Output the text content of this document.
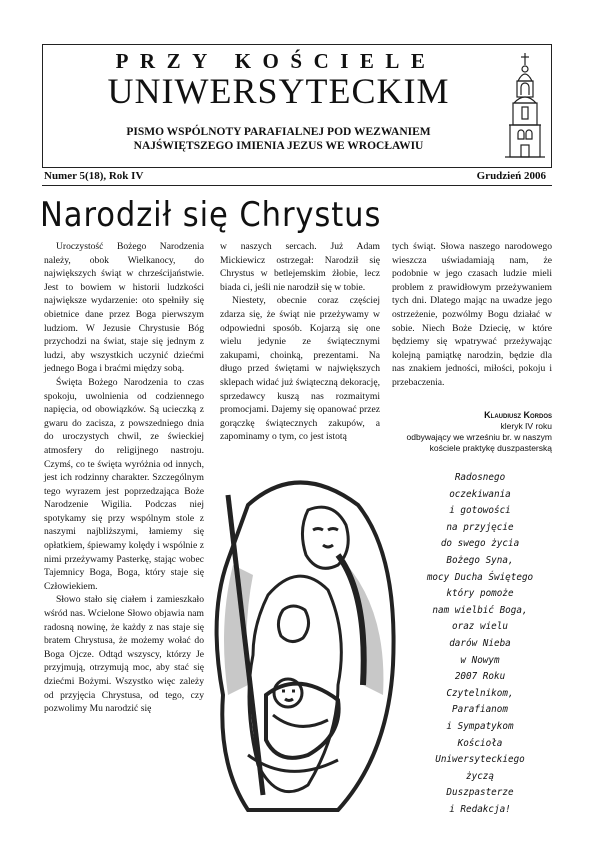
PRZY KOŚCIELE
UNIWERSYTECKIM
PISMO WSPÓLNOTY PARAFIALNEJ POD WEZWANIEM
NAJŚWIĘTSZEGO IMIENIA JEZUS WE WROCŁAWIU
Numer 5(18), Rok IV	Grudzień 2006
Narodził się Chrystus

Uroczystość Bożego Narodzenia należy, obok Wielkanocy, do największych świąt w chrześcijaństwie. Jest to bowiem w historii ludzkości największe wydarzenie: oto spełniły się obietnice dane przez Boga pierwszym ludziom. W Jezusie Chrystusie Bóg przychodzi na świat, staje się jednym z ludzi, aby wszystkich uczynić dziećmi jednego Boga i braćmi między sobą.

Święta Bożego Narodzenia to czas spokoju, uwolnienia od codziennego napięcia, od obowiązków. Są ucieczką z gwaru do zacisza, z powszedniego dnia do uroczystych chwil, ze świeckiej atmosfery do religijnego nastroju. Czymś, co te święta wyróżnia od innych, jest ich rodzinny charakter. Szczególnym tego wyrazem jest poprzedzająca Boże Narodzenie Wigilia. Podczas niej spotykamy się przy wspólnym stole z naszymi najbliższymi, łamiemy się opłatkiem, śpiewamy kolędy i wspólnie z nimi przeżywamy Pasterkę, stając wobec Tajemnicy Boga, Boga, który staje się Człowiekiem.

Słowo stało się ciałem i zamieszkało wśród nas. Wcielone Słowo objawia nam radosną nowinę, że każdy z nas staje się bratem Chrystusa, że możemy wołać do Boga Ojcze. Odtąd wszyscy, którzy Je przyjmują, otrzymują moc, aby stać się dziećmi Bożymi. Wszystko więc zależy od przyjęcia Chrystusa, od tego, czy pozwolimy Mu narodzić się

w naszych sercach. Już Adam Mickiewicz ostrzegał: Narodził się Chrystus w betlejemskim żłobie, lecz biada ci, jeśli nie narodził się w tobie.

Niestety, obecnie coraz częściej zdarza się, że świąt nie przeżywamy w odpowiedni sposób. Kojarzą się one wielu jedynie ze świątecznymi zakupami, choinką, prezentami. Na długo przed świętami w największych sklepach widać już świąteczną dekorację, sprzedawcy kuszą nas rozmaitymi promocjami. Dajemy się opanować przez gorączkę świątecznych zakupów, a zapominamy o tym, co jest istotą

tych świąt. Słowa naszego narodowego wieszcza uświadamiają nam, że podobnie w jego czasach ludzie mieli problem z prawidłowym przeżywaniem tych dni. Dlatego mając na uwadze jego ostrzeżenie, pozwólmy Bogu działać w sobie. Niech Boże Dziecię, w które będziemy się wpatrywać przeżywając kolejną pamiątkę narodzin, będzie dla nas znakiem jedności, miłości, pokoju i przebaczenia.

Klaudiusz Kordos
kleryk IV roku
odbywający we wrześniu br. w naszym
kościele praktykę duszpasterską
Radosnego
oczekiwania
i gotowości
na przyjęcie
do swego życia
Bożego Syna,
mocy Ducha Świętego
który pomoże
nam wielbić Boga,
oraz wielu
darów Nieba
w Nowym
2007 Roku
Czytelnikom,
Parafianom
i Sympatykom
Kościoła
Uniwersyteckiego
życzą
Duszpasterze
i Redakcja!
